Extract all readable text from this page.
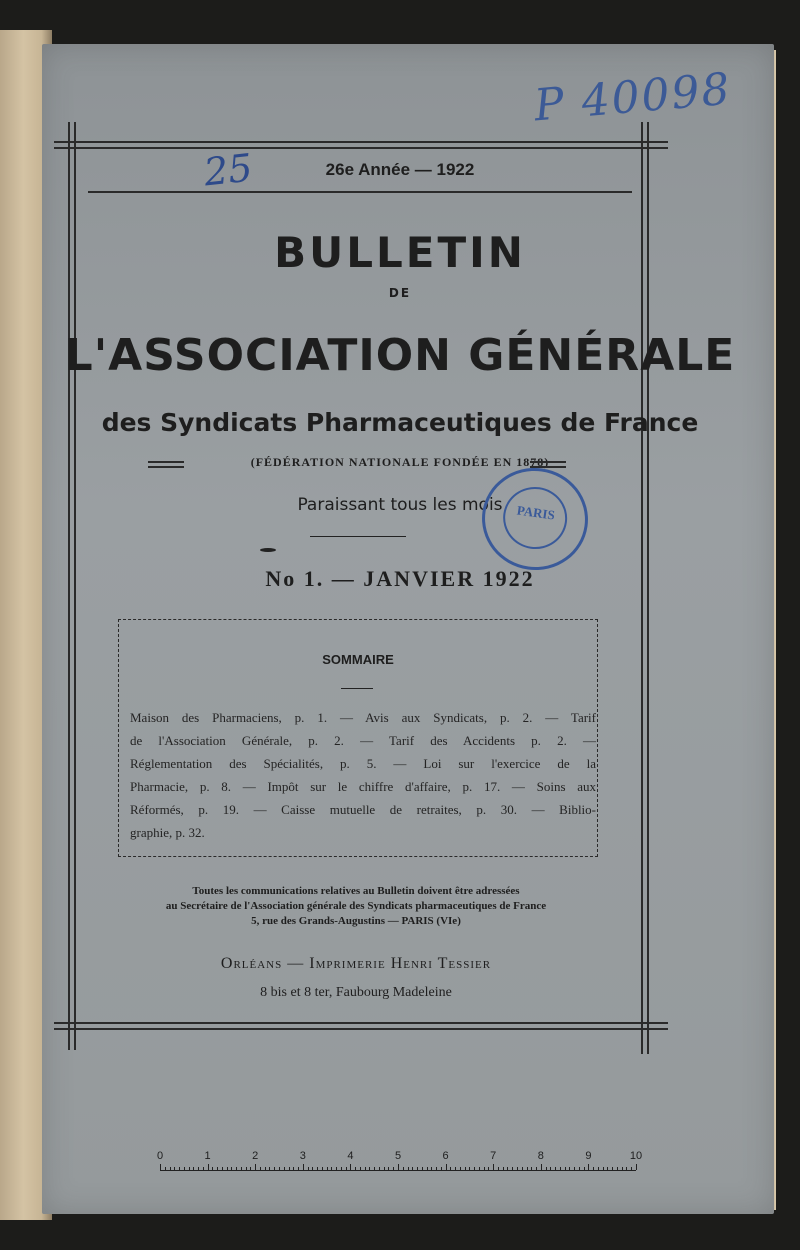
P 40098
25	26e Année — 1922
BULLETIN
DE
L'ASSOCIATION GÉNÉRALE
des Syndicats Pharmaceutiques de France
(FÉDÉRATION NATIONALE FONDÉE EN 1878)
Paraissant tous les mois	PARIS
No 1. — JANVIER 1922
SOMMAIRE
Maison des Pharmaciens, p. 1. — Avis aux Syndicats, p. 2. — Tarif
de l'Association Générale, p. 2. — Tarif des Accidents p. 2. —
Réglementation des Spécialités, p. 5. — Loi sur l'exercice de la
Pharmacie, p. 8. — Impôt sur le chiffre d'affaire, p. 17. — Soins aux
Réformés, p. 19. — Caisse mutuelle de retraites, p. 30. — Biblio-
graphie, p. 32.
Toutes les communications relatives au Bulletin doivent être adressées
au Secrétaire de l'Association générale des Syndicats pharmaceutiques de France
5, rue des Grands-Augustins — PARIS (VIe)
Orléans — Imprimerie Henri Tessier
8 bis et 8 ter, Faubourg Madeleine
0	1	2	3	4	5	6	7	8	9	10
